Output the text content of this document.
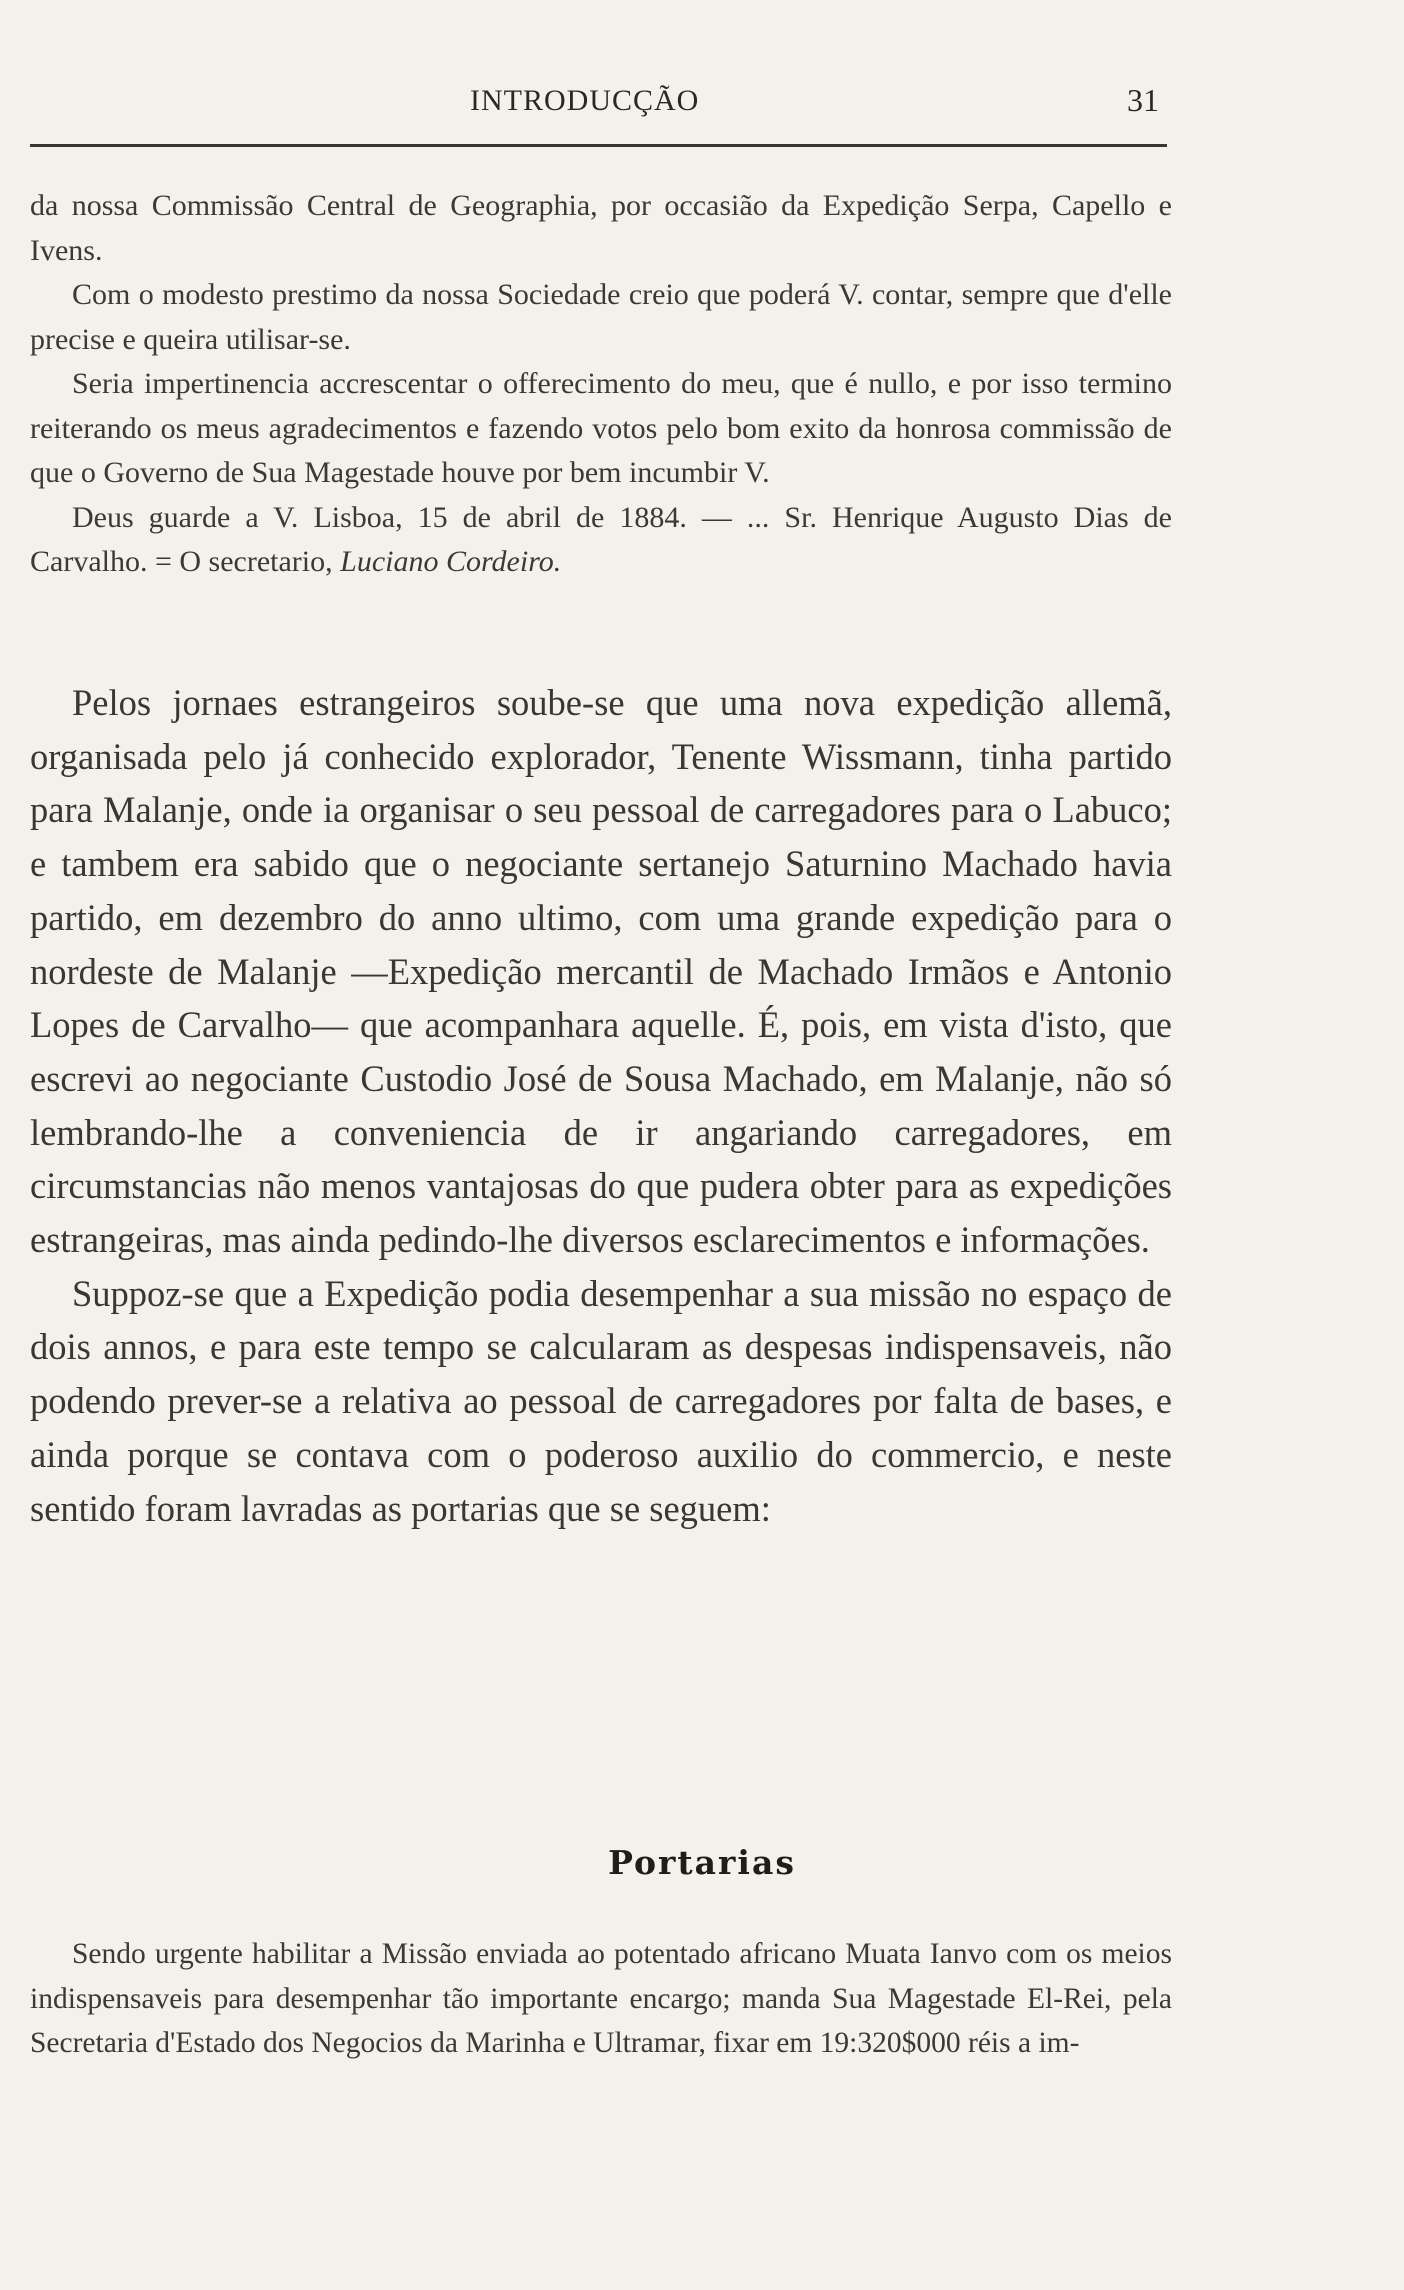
INTRODUCÇÃO	31

da nossa Commissão Central de Geographia, por occasião da Expedição Serpa, Capello e Ivens.

Com o modesto prestimo da nossa Sociedade creio que poderá V. contar, sempre que d'elle precise e queira utilisar-se.

Seria impertinencia accrescentar o offerecimento do meu, que é nullo, e por isso termino reiterando os meus agradecimentos e fazendo votos pelo bom exito da honrosa commissão de que o Governo de Sua Magestade houve por bem incumbir V.

Deus guarde a V. Lisboa, 15 de abril de 1884. — ... Sr. Henrique Augusto Dias de Carvalho. = O secretario, Luciano Cordeiro.

Pelos jornaes estrangeiros soube-se que uma nova expedição allemã, organisada pelo já conhecido explorador, Tenente Wissmann, tinha partido para Malanje, onde ia organisar o seu pessoal de carregadores para o Labuco; e tambem era sabido que o negociante sertanejo Saturnino Machado havia partido, em dezembro do anno ultimo, com uma grande expedição para o nordeste de Malanje —Expedição mercantil de Machado Irmãos e Antonio Lopes de Carvalho— que acompanhara aquelle. É, pois, em vista d'isto, que escrevi ao negociante Custodio José de Sousa Machado, em Malanje, não só lembrando-lhe a conveniencia de ir angariando carregadores, em circumstancias não menos vantajosas do que pudera obter para as expedições estrangeiras, mas ainda pedindo-lhe diversos esclarecimentos e informações.

Suppoz-se que a Expedição podia desempenhar a sua missão no espaço de dois annos, e para este tempo se calcularam as despesas indispensaveis, não podendo prever-se a relativa ao pessoal de carregadores por falta de bases, e ainda porque se contava com o poderoso auxilio do commercio, e neste sentido foram lavradas as portarias que se seguem:

Portarias

Sendo urgente habilitar a Missão enviada ao potentado africano Muata Ianvo com os meios indispensaveis para desempenhar tão importante encargo; manda Sua Magestade El-Rei, pela Secretaria d'Estado dos Negocios da Marinha e Ultramar, fixar em 19:320$000 réis a im-
